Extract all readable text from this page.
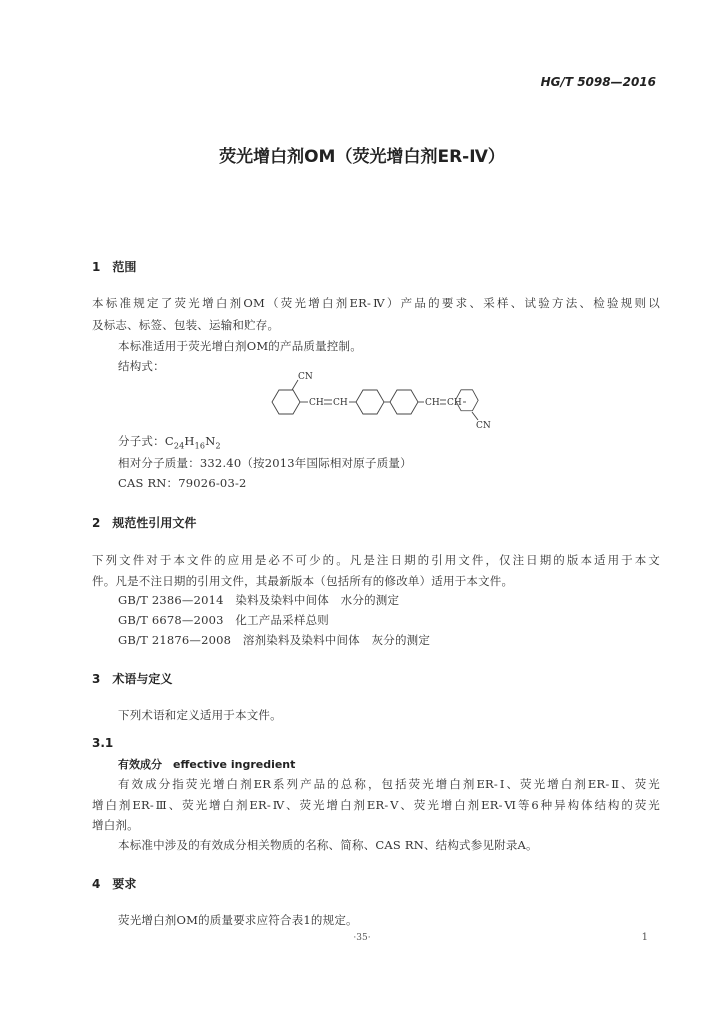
HG/T 5098—2016
荧光增白剂OM（荧光增白剂ER-Ⅳ）
1　范围
本标准规定了荧光增白剂OM（荧光增白剂ER-Ⅳ）产品的要求、采样、试验方法、检验规则以
及标志、标签、包装、运输和贮存。
本标准适用于荧光增白剂OM的产品质量控制。
结构式：
CN
CH CH	CH CH
CN
分子式：$C_{24}H_{16}N_2$
相对分子质量：332.40（按2013年国际相对原子质量）
CAS RN：79026-03-2
2　规范性引用文件
下列文件对于本文件的应用是必不可少的。凡是注日期的引用文件，仅注日期的版本适用于本文
件。凡是不注日期的引用文件，其最新版本（包括所有的修改单）适用于本文件。
GB/T 2386—2014　染料及染料中间体　水分的测定
GB/T 6678—2003　化工产品采样总则
GB/T 21876—2008　溶剂染料及染料中间体　灰分的测定
3　术语与定义
下列术语和定义适用于本文件。
3.1
有效成分　effective ingredient
有效成分指荧光增白剂ER系列产品的总称，包括荧光增白剂ER-Ⅰ、荧光增白剂ER-Ⅱ、荧光
增白剂ER-Ⅲ、荧光增白剂ER-Ⅳ、荧光增白剂ER-Ⅴ、荧光增白剂ER-Ⅵ等6种异构体结构的荧光
增白剂。
本标准中涉及的有效成分相关物质的名称、简称、CAS RN、结构式参见附录A。
4　要求
荧光增白剂OM的质量要求应符合表1的规定。
·35·	1
